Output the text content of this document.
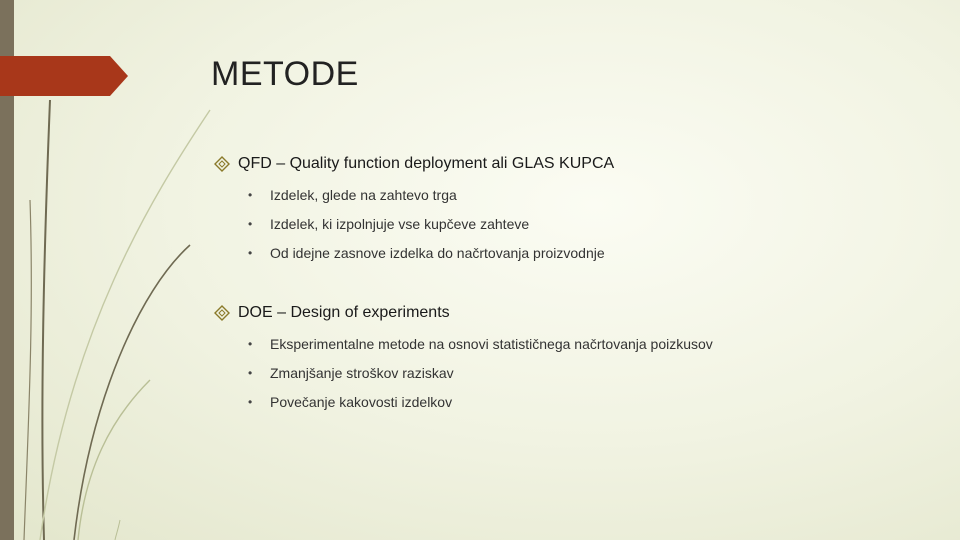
METODE
QFD – Quality function deployment ali GLAS KUPCA
•	Izdelek, glede na zahtevo trga
•	Izdelek, ki izpolnjuje vse kupčeve zahteve
•	Od idejne zasnove izdelka do načrtovanja proizvodnje
DOE – Design of experiments
•	Eksperimentalne metode na osnovi statističnega načrtovanja poizkusov
•	Zmanjšanje stroškov raziskav
•	Povečanje kakovosti izdelkov
